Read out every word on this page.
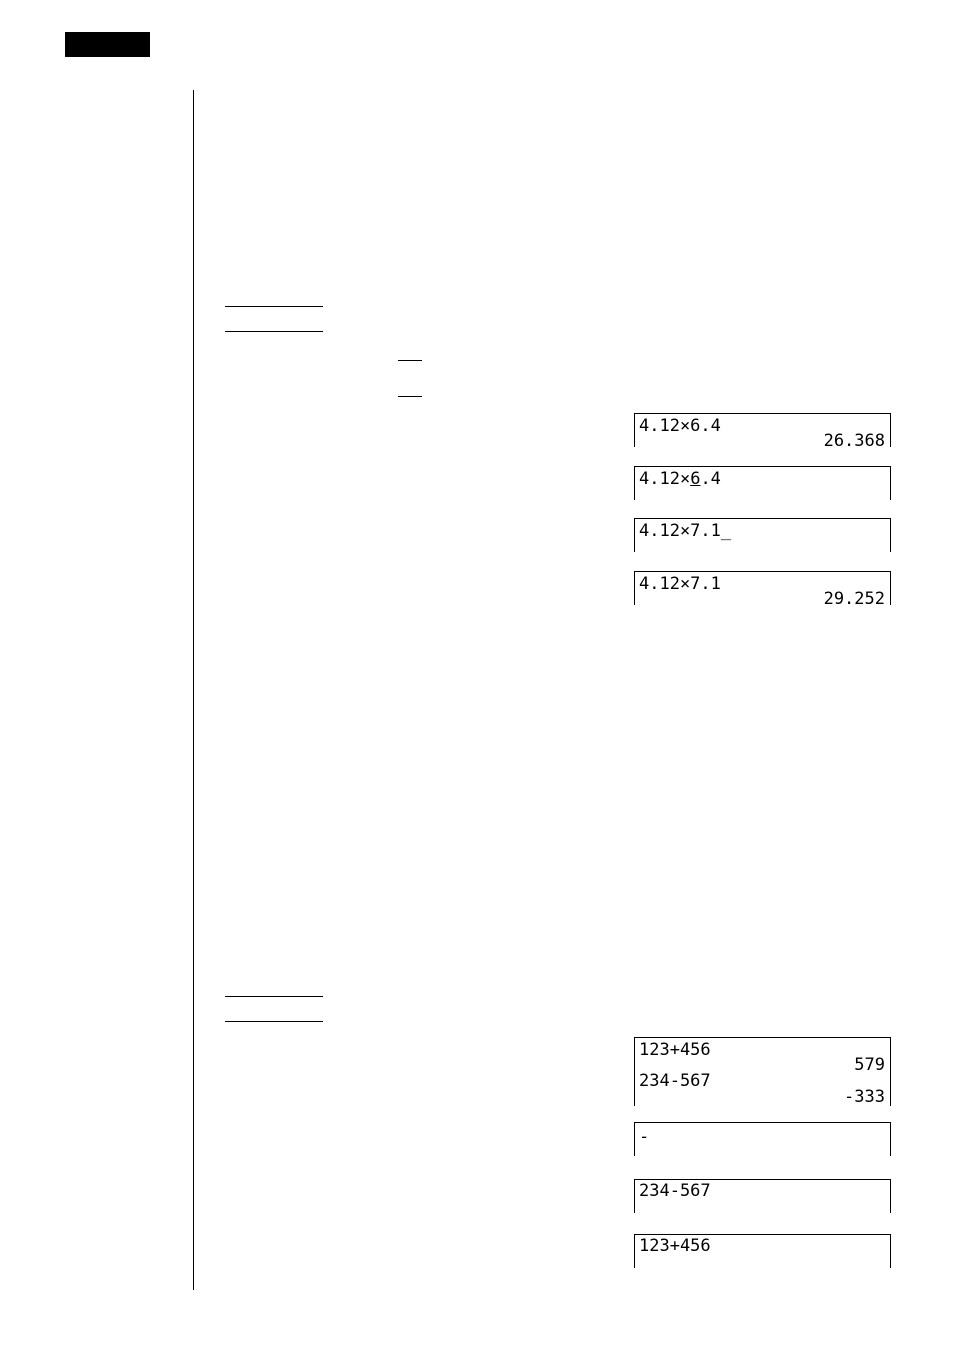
4.12×6.4
26.368
4.12×6.4
4.12×7.1_
4.12×7.1
29.252
123+456
579
234-567
-333
-
234-567
123+456
